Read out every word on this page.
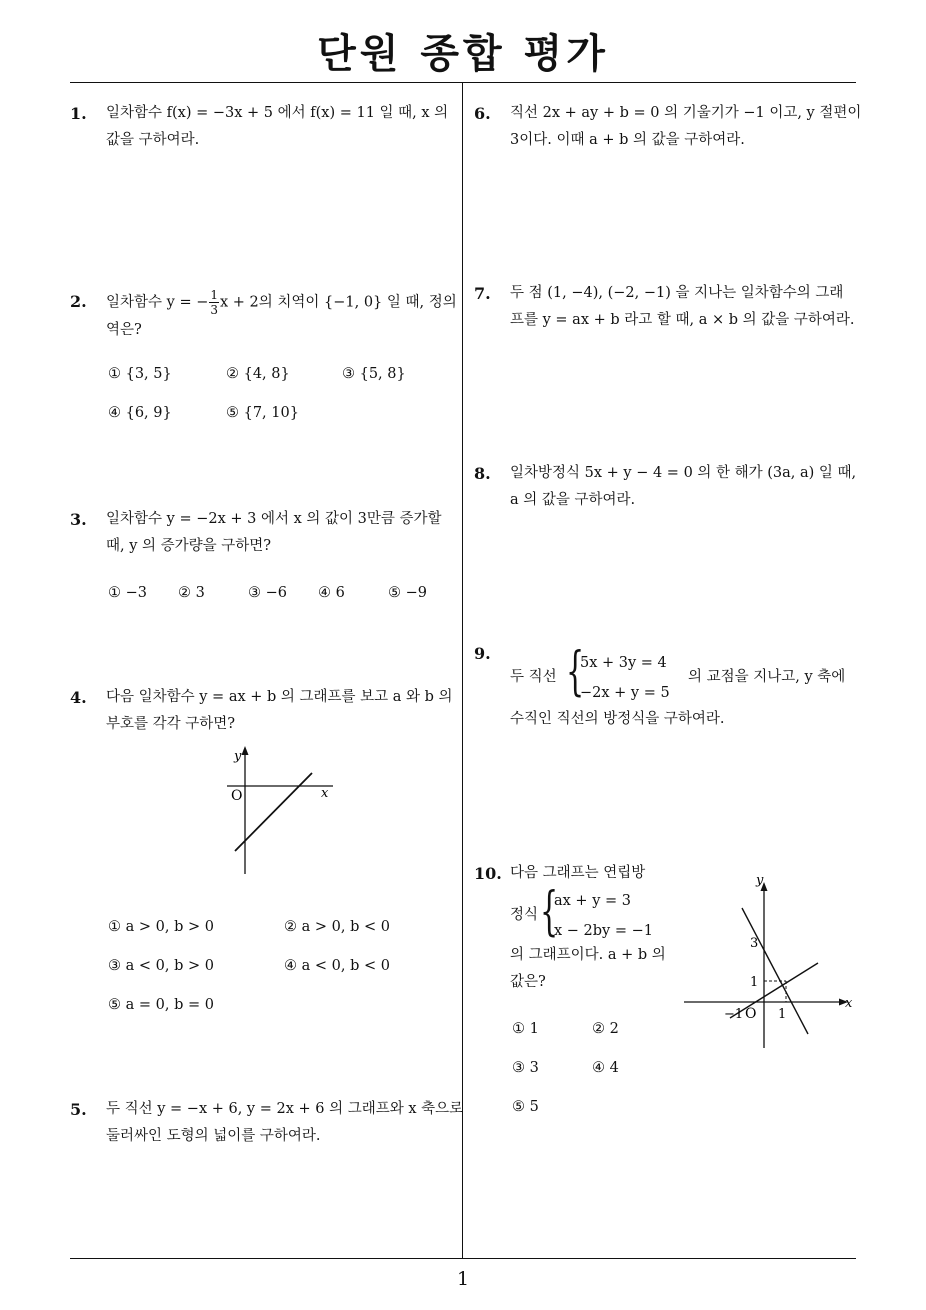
단원 종합 평가
1
1. 일차함수 f(x) = −3x + 5 에서 f(x) = 11 일 때, x 의
값을 구하여라.
2. 일차함수 y = − $\frac{1}{3}$ x + 2의 치역이 {−1, 0} 일 때, 정의
역은?
① {3, 5}	② {4, 8}	③ {5, 8}
④ {6, 9}	⑤ {7, 10}
3. 일차함수 y = −2x + 3 에서 x 의 값이 3만큼 증가할
때, y 의 증가량을 구하면?
① −3 ② 3	③ −6 ④ 6	⑤ −9
4. 다음 일차함수 y = ax + b 의 그래프를 보고 a 와 b 의
부호를 각각 구하면?
y
x
O
① a > 0, b > 0	② a > 0, b < 0
③ a < 0, b > 0	④ a < 0, b < 0
⑤ a = 0, b = 0
5. 두 직선 y = −x + 6, y = 2x + 6 의 그래프와 x 축으로
둘러싸인 도형의 넓이를 구하여라.
6. 직선 2x + ay + b = 0 의 기울기가 −1 이고, y 절편이
3이다. 이때 a + b 의 값을 구하여라.
7. 두 점 (1, −4), (−2, −1) 을 지나는 일차함수의 그래
프를 y = ax + b 라고 할 때, a × b 의 값을 구하여라.
8. 일차방정식 5x + y − 4 = 0 의 한 해가 (3a, a) 일 때,
a 의 값을 구하여라.
9.
두 직선 {
5x + 3y = 4
−2x + y = 5
의 교점을 지나고, y 축에
수직인 직선의 방정식을 구하여라.
10. 다음 그래프는 연립방
정식 {
ax + y = 3
x − 2by = −1
의 그래프이다. a + b 의
값은?
y
x
O
3
1
1
−1
① 1	② 2
③ 3	④ 4
⑤ 5
